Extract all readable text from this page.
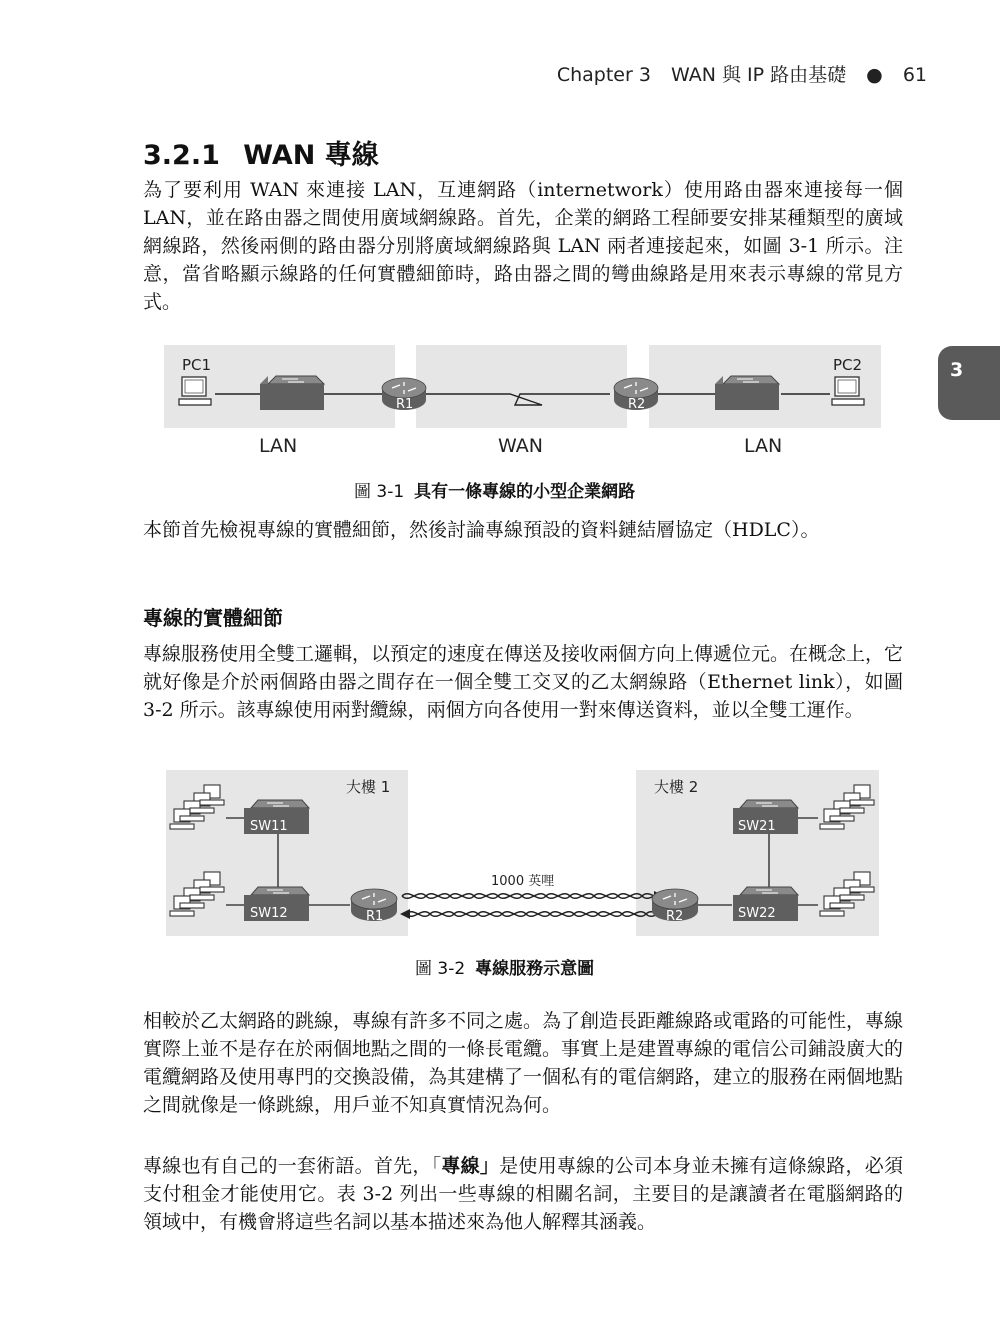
Chapter 3 WAN 與 IP 路由基礎 ● 61
3
3.2.1 WAN 專線

為了要利用 WAN 來連接 LAN，互連網路（internetwork）使用路由器來連接每一個LAN，並在路由器之間使用廣域網線路。首先，企業的網路工程師要安排某種類型的廣域網線路，然後兩側的路由器分別將廣域網線路與 LAN 兩者連接起來，如圖 3-1 所示。注意，當省略顯示線路的任何實體細節時，路由器之間的彎曲線路是用來表示專線的常見方式。

PC1
R1	R2
PC2
LAN	WAN	LAN
圖 3-1 具有一條專線的小型企業網路

本節首先檢視專線的實體細節，然後討論專線預設的資料鏈結層協定（HDLC）。

專線的實體細節

專線服務使用全雙工邏輯，以預定的速度在傳送及接收兩個方向上傳遞位元。在概念上，它就好像是介於兩個路由器之間存在一個全雙工交叉的乙太網線路（Ethernet link），如圖 3-2 所示。該專線使用兩對纜線，兩個方向各使用一對來傳送資料，並以全雙工運作。

大樓 1	大樓 2
1000 英哩
SW11
SW12
SW21
SW22
R1	R2
圖 3-2 專線服務示意圖

相較於乙太網路的跳線，專線有許多不同之處。為了創造長距離線路或電路的可能性，專線實際上並不是存在於兩個地點之間的一條長電纜。事實上是建置專線的電信公司鋪設廣大的電纜網路及使用專門的交換設備，為其建構了一個私有的電信網路，建立的服務在兩個地點之間就像是一條跳線，用戶並不知真實情況為何。

專線也有自己的一套術語。首先，「專線」是使用專線的公司本身並未擁有這條線路，必須支付租金才能使用它。表 3-2 列出一些專線的相關名詞，主要目的是讓讀者在電腦網路的領域中，有機會將這些名詞以基本描述來為他人解釋其涵義。
